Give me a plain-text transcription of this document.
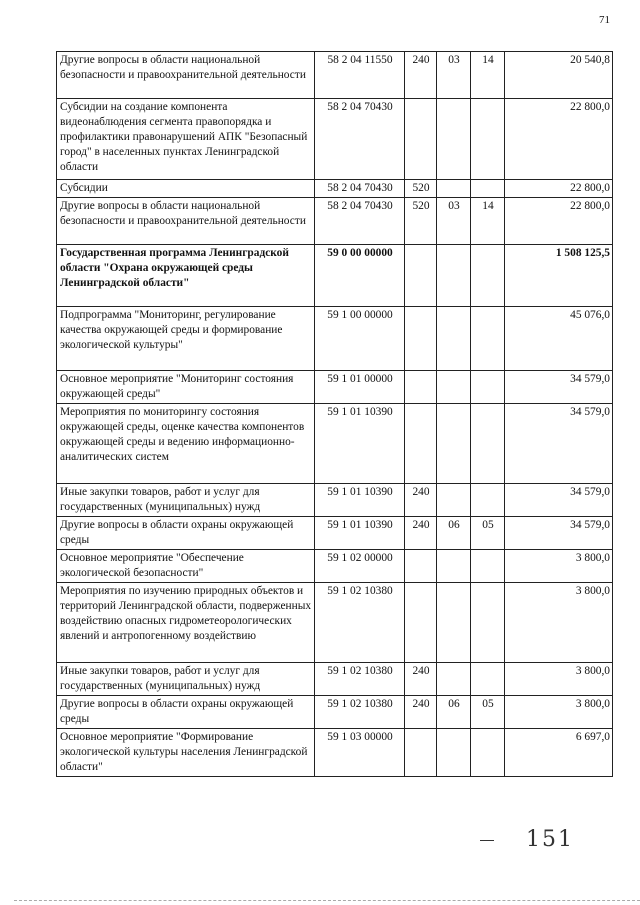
71
Другие вопросы в области национальной безопасности и правоохранительной деятельности	58 2 04 11550	240	03	14	20 540,8
Субсидии на создание компонента видеонаблюдения сегмента правопорядка и профилактики правонарушений АПК "Безопасный город" в населенных пунктах Ленинградской области	58 2 04 70430				22 800,0
Субсидии	58 2 04 70430	520			22 800,0
Другие вопросы в области национальной безопасности и правоохранительной деятельности	58 2 04 70430	520	03	14	22 800,0
Государственная программа Ленинградской области "Охрана окружающей среды Ленинградской области"	59 0 00 00000				1 508 125,5
Подпрограмма "Мониторинг, регулирование качества окружающей среды и формирование экологической культуры"	59 1 00 00000				45 076,0
Основное мероприятие "Мониторинг состояния окружающей среды"	59 1 01 00000				34 579,0
Мероприятия по мониторингу состояния окружающей среды, оценке качества компонентов окружающей среды и ведению информационно-аналитических систем	59 1 01 10390				34 579,0
Иные закупки товаров, работ и услуг для государственных (муниципальных) нужд	59 1 01 10390	240			34 579,0
Другие вопросы в области охраны окружающей среды	59 1 01 10390	240	06	05	34 579,0
Основное мероприятие "Обеспечение экологической безопасности"	59 1 02 00000				3 800,0
Мероприятия по изучению природных объектов и территорий Ленинградской области, подверженных воздействию опасных гидрометеорологических явлений и антропогенному воздействию	59 1 02 10380				3 800,0
Иные закупки товаров, работ и услуг для государственных (муниципальных) нужд	59 1 02 10380	240			3 800,0
Другие вопросы в области охраны окружающей среды	59 1 02 10380	240	06	05	3 800,0
Основное мероприятие "Формирование экологической культуры населения Ленинградской области"	59 1 03 00000				6 697,0
151
